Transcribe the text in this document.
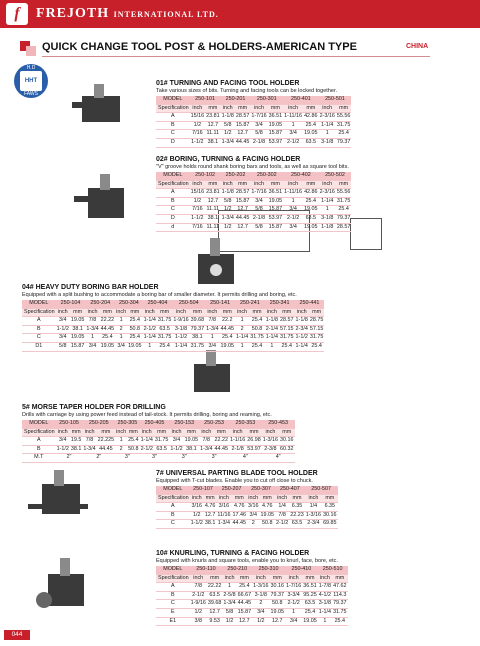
f	FREJOTH INTERNATIONAL LTD.
QUICK CHANGE TOOL POST & HOLDERS-AMERICAN TYPE	CHINA
H.D
HHT
FAWS
01# TURNING AND FACING TOOL HOLDER
Take various sizes of bits. Turning and facing tools can be locked together.
MODEL	250-101		250-201		250-301		250-401		250-501	
Specification	inch	mm	inch	mm	inch	mm	inch	mm	inch	mm
A	15/16	23.81	1-1/8	28.57	1-7/16	36.51	1-11/16	42.86	2-3/16	55.56
B	1/2	12.7	5/8	15.87	3/4	19.05	1	25.4	1-1/4	31.75
C	7/16	11.11	1/2	12.7	5/8	15.87	3/4	19.05	1	25.4
D	1-1/2	38.1	1-3/4	44.45	2-1/8	53.97	2-1/2	63.5	3-1/8	79.37
02# BORING, TURNING & FACING HOLDER
"V" groove holds round shank boring bars and tools, as well as square tool bits.
MODEL	250-102		250-202		250-302		250-402		250-502	
Specification	inch	mm	inch	mm	inch	mm	inch	mm	inch	mm
A	15/16	23.81	1-1/8	28.57	1-7/16	36.51	1-11/16	42.86	2-3/16	55.56
B	1/2	12.7	5/8	15.87	3/4	19.05	1	25.4	1-1/4	31.75
C	7/16	11.11	1/2	12.7	5/8	15.87	3/4	19.05	1	25.4
D	1-1/2	38.1	1-3/4	44.45	2-1/8	53.97	2-1/2	63.5	3-1/8	79.37
d	7/16	11.11	1/2	12.7	5/8	15.87	3/4	19.05	1-1/8	28.57
04# HEAVY DUTY BORING BAR HOLDER
Equipped with a split bushing to accommodate a boring bar of smaller diameter. It permits drilling and boring, etc.
MODEL	250-104		250-204		250-304		250-404		250-504		250-141		250-241		250-341		250-441	
Specification	inch	mm	inch	mm	inch	mm	inch	mm	inch	mm	inch	mm	inch	mm	inch	mm	inch	mm
A	3/4	19.05	7/8	22.22	1	25.4	1-1/4	31.75	1-9/16	39.68	7/8	22.2	1	25.4	1-1/8	28.57	1-1/8	28.75
B	1-1/2	38.1	1-3/4	44.45	2	50.8	2-1/2	63.5	3-1/8	79.37	1-3/4	44.45	2	50.8	2-1/4	57.15	2-3/4	57.15
C	3/4	19.05	1	25.4	1	25.4	1-1/4	31.75	1-1/2	38.1	1	25.4	1-1/4	31.75	1-1/4	31.75	1-1/2	31.75
D1	5/8	15.87	3/4	19.05	3/4	19.05	1	25.4	1-1/4	31.75	3/4	19.05	1	25.4	1	25.4	1-1/4	25.4
5# MORSE TAPER HOLDER FOR DRILLING
Drills with carriage by using power feed instead of tail-stock. It permits drilling, boring and reaming, etc.
MODEL	250-105		250-205		250-305		250-405		250-153		250-253		250-353		250-453	
Specification	inch	mm	inch	mm	inch	mm	inch	mm	inch	mm	inch	mm	inch	mm	inch	mm
A	3/4	19.5	7/8	22.225	1	25.4	1-1/4	31.75	3/4	19.05	7/8	22.22	1-1/16	26.98	1-3/16	30.16
B	1-1/2	38.1	1-3/4	44.45	2	50.8	2-1/2	63.5	1-1/2	38.1	1-3/4	44.45	2-1/8	53.97	2-3/8	60.32
M.T	2"		2"		3"		3"		3"		3"		4"		4"	
7# UNIVERSAL PARTING BLADE TOOL HOLDER
Equipped with T-cut blades. Enable you to cut off close to chuck.
MODEL	250-107		250-207		250-307		250-407		250-507	
Specification	inch	mm	inch	mm	inch	mm	inch	mm	inch	mm
A	3/16	4.76	3/16	4.76	3/16	4.76	1/4	6.35	1/4	6.35
B	1/2	12.7	11/16	17.46	3/4	19.05	7/8	22.23	1-3/16	30.16
C	1-1/2	38.1	1-3/4	44.45	2	50.8	2-1/2	63.5	2-3/4	69.85
10# KNURLING, TURNING & FACING HOLDER
Equipped with knurls and square tools, enable you to knurl, face, bore, etc.
MODEL	250-110		250-210		250-310		250-410		250-510	
Specification	inch	mm	inch	mm	inch	mm	inch	mm	inch	mm
A	7/8	22.22	1	25.4	1-3/16	30.16	1-7/16	36.51	1-7/8	47.62
B	2-1/2	63.5	2-5/8	66.67	3-1/8	79.37	3-3/4	95.25	4-1/2	114.3
C	1-9/16	39.68	1-3/4	44.45	2	50.8	2-1/2	63.5	3-1/8	79.37
E	1/2	12.7	5/8	15.87	3/4	19.05	1	25.4	1-1/4	31.75
E1	3/8	9.53	1/2	12.7	1/2	12.7	3/4	19.05	1	25.4
044
